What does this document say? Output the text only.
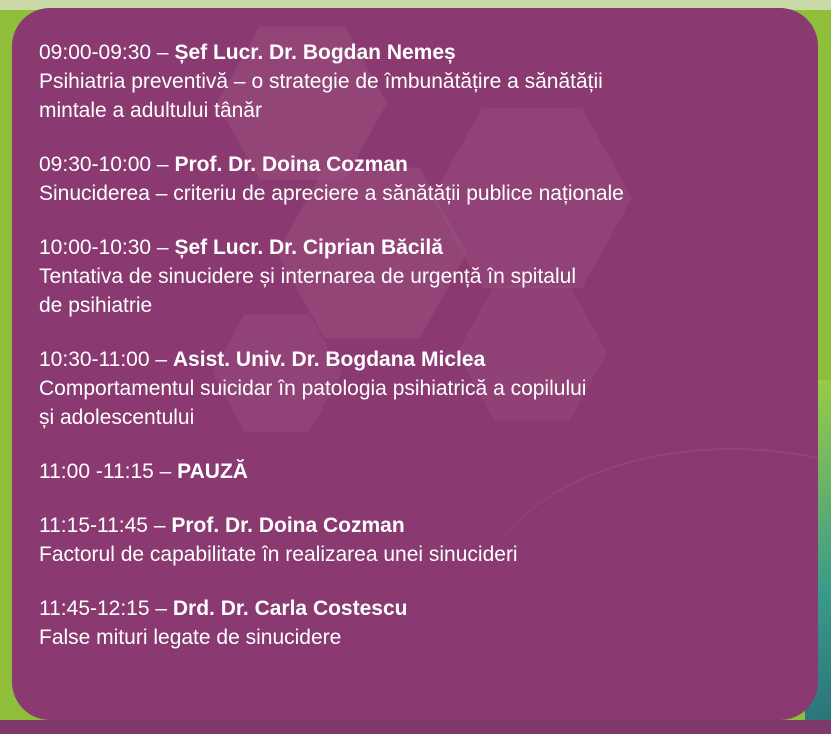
09:00-09:30 – Șef Lucr. Dr. Bogdan Nemeș
Psihiatria preventivă – o strategie de îmbunătățire a sănătății
mintale a adultului tânăr
09:30-10:00 – Prof. Dr. Doina Cozman
Sinuciderea – criteriu de apreciere a sănătății publice naționale
10:00-10:30 – Șef Lucr. Dr. Ciprian Băcilă
Tentativa de sinucidere și internarea de urgență în spitalul
de psihiatrie
10:30-11:00 – Asist. Univ. Dr. Bogdana Miclea
Comportamentul suicidar în patologia psihiatrică a copilului
și adolescentului
11:00 -11:15 – PAUZĂ
11:15-11:45 – Prof. Dr. Doina Cozman
Factorul de capabilitate în realizarea unei sinucideri
11:45-12:15 – Drd. Dr. Carla Costescu
False mituri legate de sinucidere
